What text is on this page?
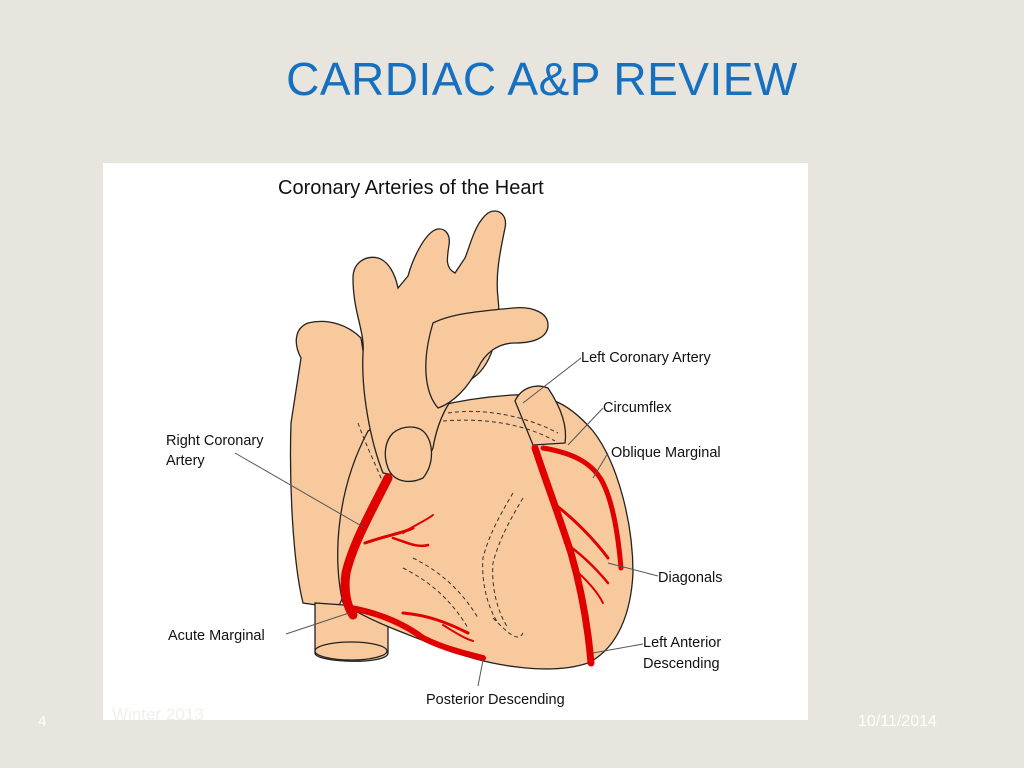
CARDIAC A&P REVIEW
Coronary Arteries of the Heart
Left Coronary Artery
Circumflex
Right Coronary
Artery	Oblique Marginal
Diagonals
Acute Marginal	Left Anterior
Descending
Posterior Descending
Winter 2013
4	10/11/2014
